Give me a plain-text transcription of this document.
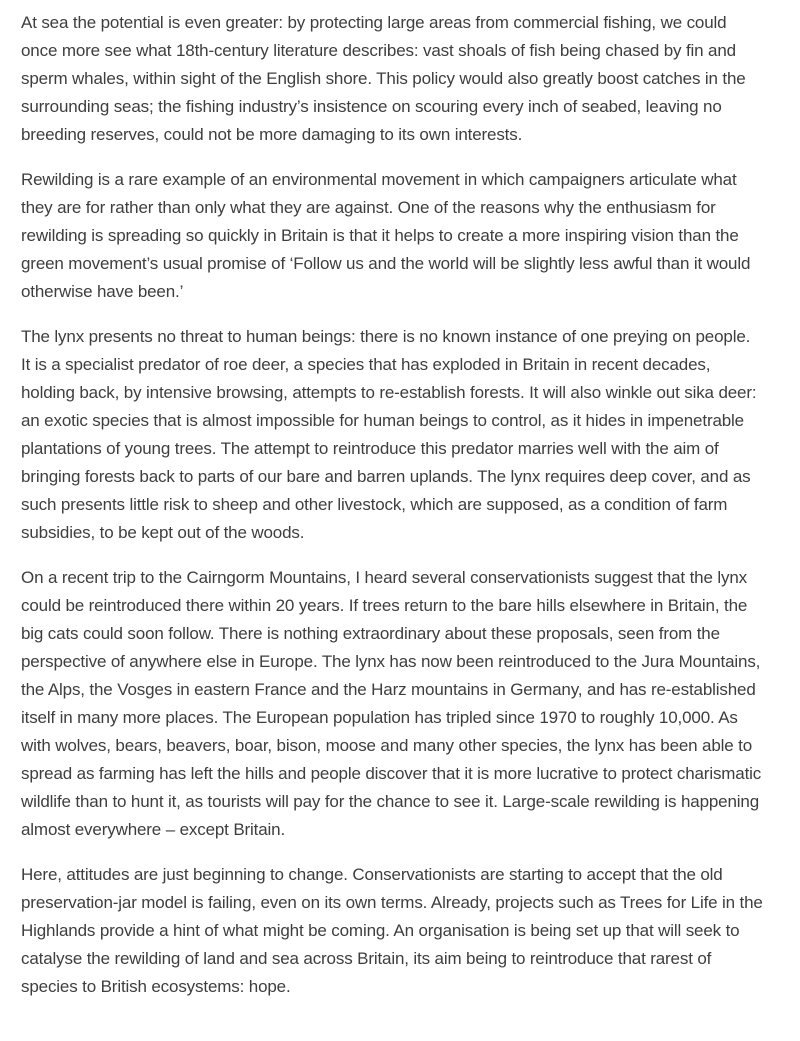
At sea the potential is even greater: by protecting large areas from commercial fishing, we could once more see what 18th-century literature describes: vast shoals of fish being chased by fin and sperm whales, within sight of the English shore. This policy would also greatly boost catches in the surrounding seas; the fishing industry’s insistence on scouring every inch of seabed, leaving no breeding reserves, could not be more damaging to its own interests.

Rewilding is a rare example of an environmental movement in which campaigners articulate what they are for rather than only what they are against. One of the reasons why the enthusiasm for rewilding is spreading so quickly in Britain is that it helps to create a more inspiring vision than the green movement’s usual promise of ‘Follow us and the world will be slightly less awful than it would otherwise have been.’

The lynx presents no threat to human beings: there is no known instance of one preying on people. It is a specialist predator of roe deer, a species that has exploded in Britain in recent decades, holding back, by intensive browsing, attempts to re-establish forests. It will also winkle out sika deer: an exotic species that is almost impossible for human beings to control, as it hides in impenetrable plantations of young trees. The attempt to reintroduce this predator marries well with the aim of bringing forests back to parts of our bare and barren uplands. The lynx requires deep cover, and as such presents little risk to sheep and other livestock, which are supposed, as a condition of farm subsidies, to be kept out of the woods.

On a recent trip to the Cairngorm Mountains, I heard several conservationists suggest that the lynx could be reintroduced there within 20 years. If trees return to the bare hills elsewhere in Britain, the big cats could soon follow. There is nothing extraordinary about these proposals, seen from the perspective of anywhere else in Europe. The lynx has now been reintroduced to the Jura Mountains, the Alps, the Vosges in eastern France and the Harz mountains in Germany, and has re-established itself in many more places. The European population has tripled since 1970 to roughly 10,000. As with wolves, bears, beavers, boar, bison, moose and many other species, the lynx has been able to spread as farming has left the hills and people discover that it is more lucrative to protect charismatic wildlife than to hunt it, as tourists will pay for the chance to see it. Large-scale rewilding is happening almost everywhere – except Britain.

Here, attitudes are just beginning to change. Conservationists are starting to accept that the old preservation-jar model is failing, even on its own terms. Already, projects such as Trees for Life in the Highlands provide a hint of what might be coming. An organisation is being set up that will seek to catalyse the rewilding of land and sea across Britain, its aim being to reintroduce that rarest of species to British ecosystems: hope.
